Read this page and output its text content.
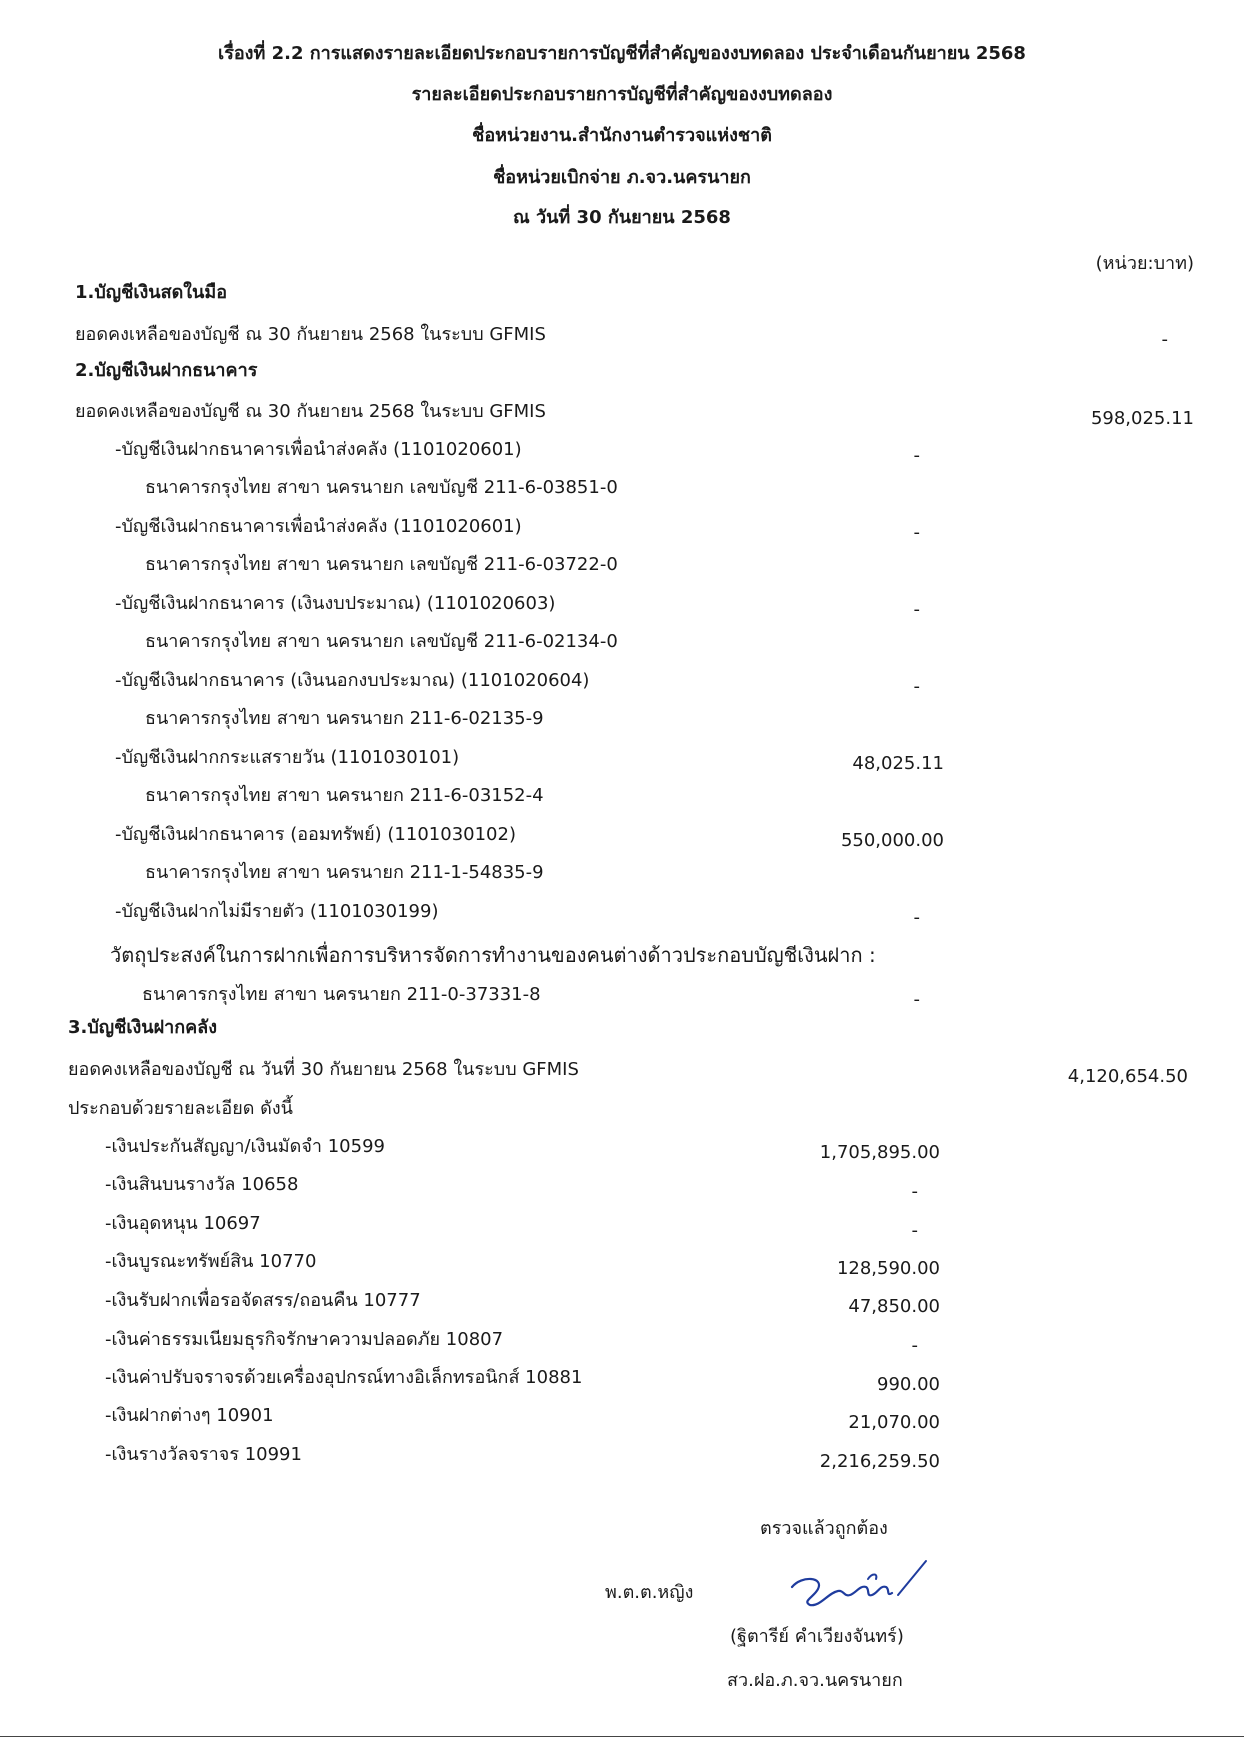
เรื่องที่ 2.2 การแสดงรายละเอียดประกอบรายการบัญชีที่สำคัญของงบทดลอง ประจำเดือนกันยายน 2568
รายละเอียดประกอบรายการบัญชีที่สำคัญของงบทดลอง
ชื่อหน่วยงาน.สำนักงานตำรวจแห่งชาติ
ชื่อหน่วยเบิกจ่าย ภ.จว.นครนายก
ณ วันที่ 30 กันยายน 2568
(หน่วย:บาท)
1.บัญชีเงินสดในมือ
ยอดคงเหลือของบัญชี ณ 30 กันยายน 2568 ในระบบ GFMIS	-
2.บัญชีเงินฝากธนาคาร
ยอดคงเหลือของบัญชี ณ 30 กันยายน 2568 ในระบบ GFMIS	598,025.11
-บัญชีเงินฝากธนาคารเพื่อนำส่งคลัง (1101020601)	-
ธนาคารกรุงไทย สาขา นครนายก เลขบัญชี 211-6-03851-0
-บัญชีเงินฝากธนาคารเพื่อนำส่งคลัง (1101020601)	-
ธนาคารกรุงไทย สาขา นครนายก เลขบัญชี 211-6-03722-0
-บัญชีเงินฝากธนาคาร (เงินงบประมาณ) (1101020603)	-
ธนาคารกรุงไทย สาขา นครนายก เลขบัญชี 211-6-02134-0
-บัญชีเงินฝากธนาคาร (เงินนอกงบประมาณ) (1101020604)	-
ธนาคารกรุงไทย สาขา นครนายก 211-6-02135-9
-บัญชีเงินฝากกระแสรายวัน (1101030101)	48,025.11
ธนาคารกรุงไทย สาขา นครนายก 211-6-03152-4
-บัญชีเงินฝากธนาคาร (ออมทรัพย์) (1101030102)	550,000.00
ธนาคารกรุงไทย สาขา นครนายก 211-1-54835-9
-บัญชีเงินฝากไม่มีรายตัว (1101030199)	-
วัตถุประสงค์ในการฝากเพื่อการบริหารจัดการทำงานของคนต่างด้าวประกอบบัญชีเงินฝาก :
ธนาคารกรุงไทย สาขา นครนายก 211-0-37331-8	-
3.บัญชีเงินฝากคลัง
ยอดคงเหลือของบัญชี ณ วันที่ 30 กันยายน 2568 ในระบบ GFMIS	4,120,654.50
ประกอบด้วยรายละเอียด ดังนี้
-เงินประกันสัญญา/เงินมัดจำ 10599	1,705,895.00
-เงินสินบนรางวัล 10658	-
-เงินอุดหนุน 10697	-
-เงินบูรณะทรัพย์สิน 10770	128,590.00
-เงินรับฝากเพื่อรอจัดสรร/ถอนคืน 10777	47,850.00
-เงินค่าธรรมเนียมธุรกิจรักษาความปลอดภัย 10807	-
-เงินค่าปรับจราจรด้วยเครื่องอุปกรณ์ทางอิเล็กทรอนิกส์ 10881	990.00
-เงินฝากต่างๆ 10901	21,070.00
-เงินรางวัลจราจร 10991	2,216,259.50
ตรวจแล้วถูกต้อง
พ.ต.ต.หญิง
(ฐิตารีย์ คำเวียงจันทร์)
สว.ฝอ.ภ.จว.นครนายก
